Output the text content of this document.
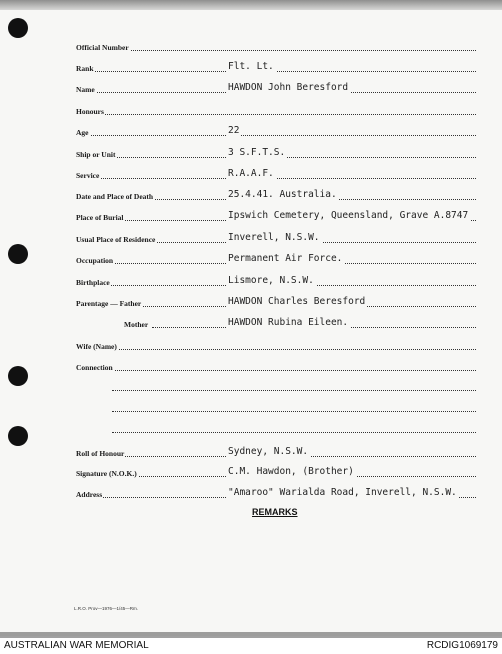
Official Number
Rank	Flt. Lt.
Name	HAWDON John Beresford
Honours
Age	22
Ship or Unit	3 S.F.T.S.
Service	R.A.A.F.
Date and Place of Death	25.4.41. Australia.
Place of Burial	Ipswich Cemetery, Queensland, Grave A.8747
Usual Place of Residence	Inverell, N.S.W.
Occupation	Permanent Air Force.
Birthplace	Lismore, N.S.W.
Parentage — Father	HAWDON Charles Beresford
Mother	HAWDON Rubina Eileen.
Wife (Name)
Connection
Roll of Honour	Sydney, N.S.W.
Signature (N.O.K.)	C.M. Hawdon, (Brother)
Address	"Amaroo" Warialda Road, Inverell, N.S.W.
REMARKS
L.R.O. Prov—1976—1/45—Rm.
AUSTRALIAN WAR MEMORIAL	RCDIG1069179
